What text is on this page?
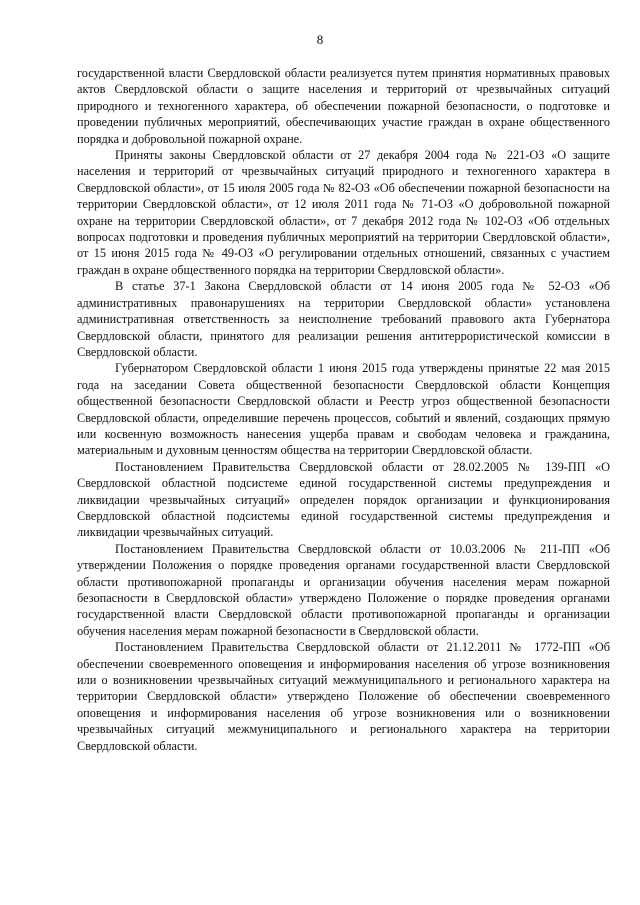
8

государственной власти Свердловской области реализуется путем принятия нормативных правовых актов Свердловской области о защите населения и территорий от чрезвычайных ситуаций природного и техногенного характера, об обеспечении пожарной безопасности, о подготовке и проведении публичных мероприятий, обеспечивающих участие граждан в охране общественного порядка и добровольной пожарной охране.

Приняты законы Свердловской области от 27 декабря 2004 года № 221-ОЗ «О защите населения и территорий от чрезвычайных ситуаций природного и техногенного характера в Свердловской области», от 15 июля 2005 года № 82-ОЗ «Об обеспечении пожарной безопасности на территории Свердловской области», от 12 июля 2011 года № 71-ОЗ «О добровольной пожарной охране на территории Свердловской области», от 7 декабря 2012 года № 102-ОЗ «Об отдельных вопросах подготовки и проведения публичных мероприятий на территории Свердловской области», от 15 июня 2015 года № 49-ОЗ «О регулировании отдельных отношений, связанных с участием граждан в охране общественного порядка на территории Свердловской области».

В статье 37-1 Закона Свердловской области от 14 июня 2005 года № 52-ОЗ «Об административных правонарушениях на территории Свердловской области» установлена административная ответственность за неисполнение требований правового акта Губернатора Свердловской области, принятого для реализации решения антитеррористической комиссии в Свердловской области.

Губернатором Свердловской области 1 июня 2015 года утверждены принятые 22 мая 2015 года на заседании Совета общественной безопасности Свердловской области Концепция общественной безопасности Свердловской области и Реестр угроз общественной безопасности Свердловской области, определившие перечень процессов, событий и явлений, создающих прямую или косвенную возможность нанесения ущерба правам и свободам человека и гражданина, материальным и духовным ценностям общества на территории Свердловской области.

Постановлением Правительства Свердловской области от 28.02.2005 № 139-ПП «О Свердловской областной подсистеме единой государственной системы предупреждения и ликвидации чрезвычайных ситуаций» определен порядок организации и функционирования Свердловской областной подсистемы единой государственной системы предупреждения и ликвидации чрезвычайных ситуаций.

Постановлением Правительства Свердловской области от 10.03.2006 № 211-ПП «Об утверждении Положения о порядке проведения органами государственной власти Свердловской области противопожарной пропаганды и организации обучения населения мерам пожарной безопасности в Свердловской области» утверждено Положение о порядке проведения органами государственной власти Свердловской области противопожарной пропаганды и организации обучения населения мерам пожарной безопасности в Свердловской области.

Постановлением Правительства Свердловской области от 21.12.2011 № 1772-ПП «Об обеспечении своевременного оповещения и информирования населения об угрозе возникновения или о возникновении чрезвычайных ситуаций межмуниципального и регионального характера на территории Свердловской области» утверждено Положение об обеспечении своевременного оповещения и информирования населения об угрозе возникновения или о возникновении чрезвычайных ситуаций межмуниципального и регионального характера на территории Свердловской области.
